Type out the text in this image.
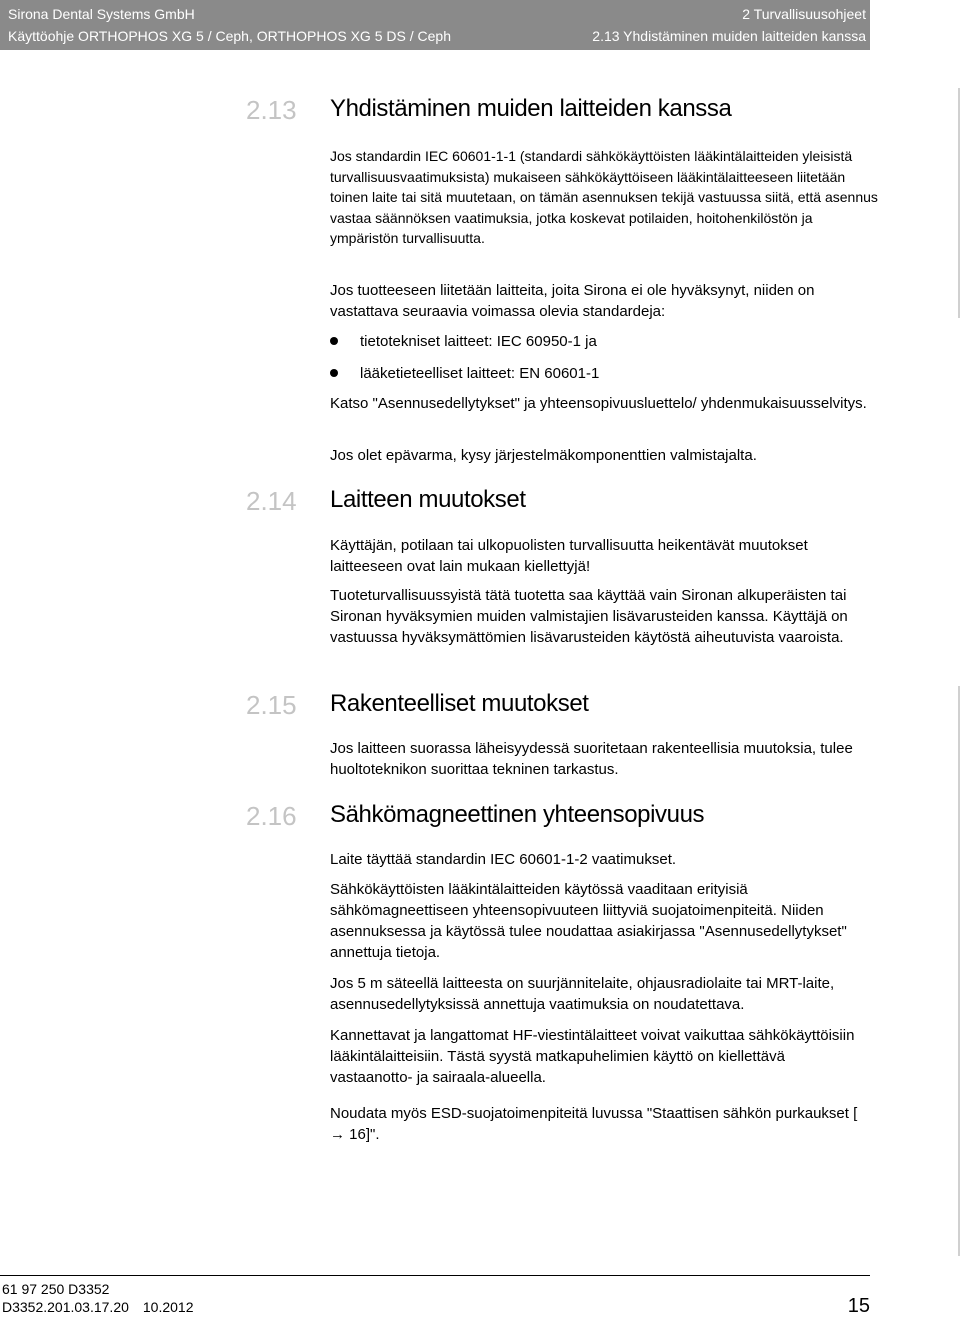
Sirona Dental Systems GmbH
Käyttöohje ORTHOPHOS XG 5 / Ceph, ORTHOPHOS XG 5 DS / Ceph
2 Turvallisuusohjeet
2.13 Yhdistäminen muiden laitteiden kanssa
2.13	Yhdistäminen muiden laitteiden kanssa
Jos standardin IEC 60601-1-1 (standardi sähkökäyttöisten lääkintälaitteiden yleisistä turvallisuusvaatimuksista) mukaiseen sähkökäyttöiseen lääkintälaitteeseen liitetään toinen laite tai sitä muutetaan, on tämän asennuksen tekijä vastuussa siitä, että asennus vastaa säännöksen vaatimuksia, jotka koskevat potilaiden, hoitohenkilöstön ja ympäristön turvallisuutta.
Jos tuotteeseen liitetään laitteita, joita Sirona ei ole hyväksynyt, niiden on vastattava seuraavia voimassa olevia standardeja:
tietotekniset laitteet: IEC 60950-1 ja
lääketieteelliset laitteet: EN 60601-1
Katso "Asennusedellytykset" ja yhteensopivuusluettelo/ yhdenmukaisuusselvitys.
Jos olet epävarma, kysy järjestelmäkomponenttien valmistajalta.
2.14	Laitteen muutokset
Käyttäjän, potilaan tai ulkopuolisten turvallisuutta heikentävät muutokset laitteeseen ovat lain mukaan kiellettyjä!
Tuoteturvallisuussyistä tätä tuotetta saa käyttää vain Sironan alkuperäisten tai Sironan hyväksymien muiden valmistajien lisävarusteiden kanssa. Käyttäjä on vastuussa hyväksymättömien lisävarusteiden käytöstä aiheutuvista vaaroista.
2.15	Rakenteelliset muutokset
Jos laitteen suorassa läheisyydessä suoritetaan rakenteellisia muutoksia, tulee huoltoteknikon suorittaa tekninen tarkastus.
2.16	Sähkömagneettinen yhteensopivuus
Laite täyttää standardin IEC 60601-1-2 vaatimukset.
Sähkökäyttöisten lääkintälaitteiden käytössä vaaditaan erityisiä sähkömagneettiseen yhteensopivuuteen liittyviä suojatoimenpiteitä. Niiden asennuksessa ja käytössä tulee noudattaa asiakirjassa "Asennusedellytykset" annettuja tietoja.
Jos 5 m säteellä laitteesta on suurjännitelaite, ohjausradiolaite tai MRT-laite, asennusedellytyksissä annettuja vaatimuksia on noudatettava.
Kannettavat ja langattomat HF-viestintälaitteet voivat vaikuttaa sähkökäyttöisiin lääkintälaitteisiin. Tästä syystä matkapuhelimien käyttö on kiellettävä vastaanotto- ja sairaala-alueella.
Noudata myös ESD-suojatoimenpiteitä luvussa "Staattisen sähkön purkaukset [ → 16]".
61 97 250 D3352
D3352.201.03.17.20 10.2012	15
